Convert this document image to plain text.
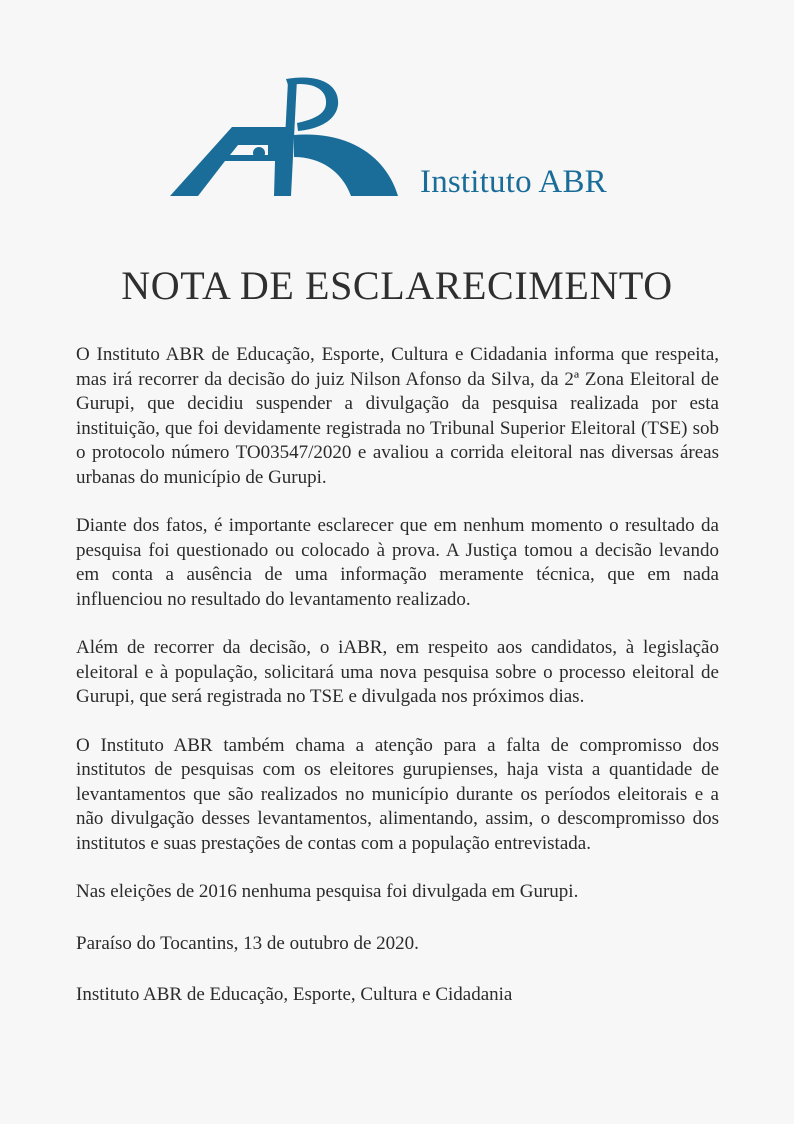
Instituto ABR
NOTA DE ESCLARECIMENTO

O Instituto ABR de Educação, Esporte, Cultura e Cidadania informa que respeita, mas irá recorrer da decisão do juiz Nilson Afonso da Silva, da 2ª Zona Eleitoral de Gurupi, que decidiu suspender a divulgação da pesquisa realizada por esta instituição, que foi devidamente registrada no Tribunal Superior Eleitoral (TSE) sob o protocolo número TO03547/2020 e avaliou a corrida eleitoral nas diversas áreas urbanas do município de Gurupi.

Diante dos fatos, é importante esclarecer que em nenhum momento o resultado da pesquisa foi questionado ou colocado à prova. A Justiça tomou a decisão levando em conta a ausência de uma informação meramente técnica, que em nada influenciou no resultado do levantamento realizado.

Além de recorrer da decisão, o iABR, em respeito aos candidatos, à legislação eleitoral e à população, solicitará uma nova pesquisa sobre o processo eleitoral de Gurupi, que será registrada no TSE e divulgada nos próximos dias.

O Instituto ABR também chama a atenção para a falta de compromisso dos institutos de pesquisas com os eleitores gurupienses, haja vista a quantidade de levantamentos que são realizados no município durante os períodos eleitorais e a não divulgação desses levantamentos, alimentando, assim, o descompromisso dos institutos e suas prestações de contas com a população entrevistada.

Nas eleições de 2016 nenhuma pesquisa foi divulgada em Gurupi.

Paraíso do Tocantins, 13 de outubro de 2020.

Instituto ABR de Educação, Esporte, Cultura e Cidadania
